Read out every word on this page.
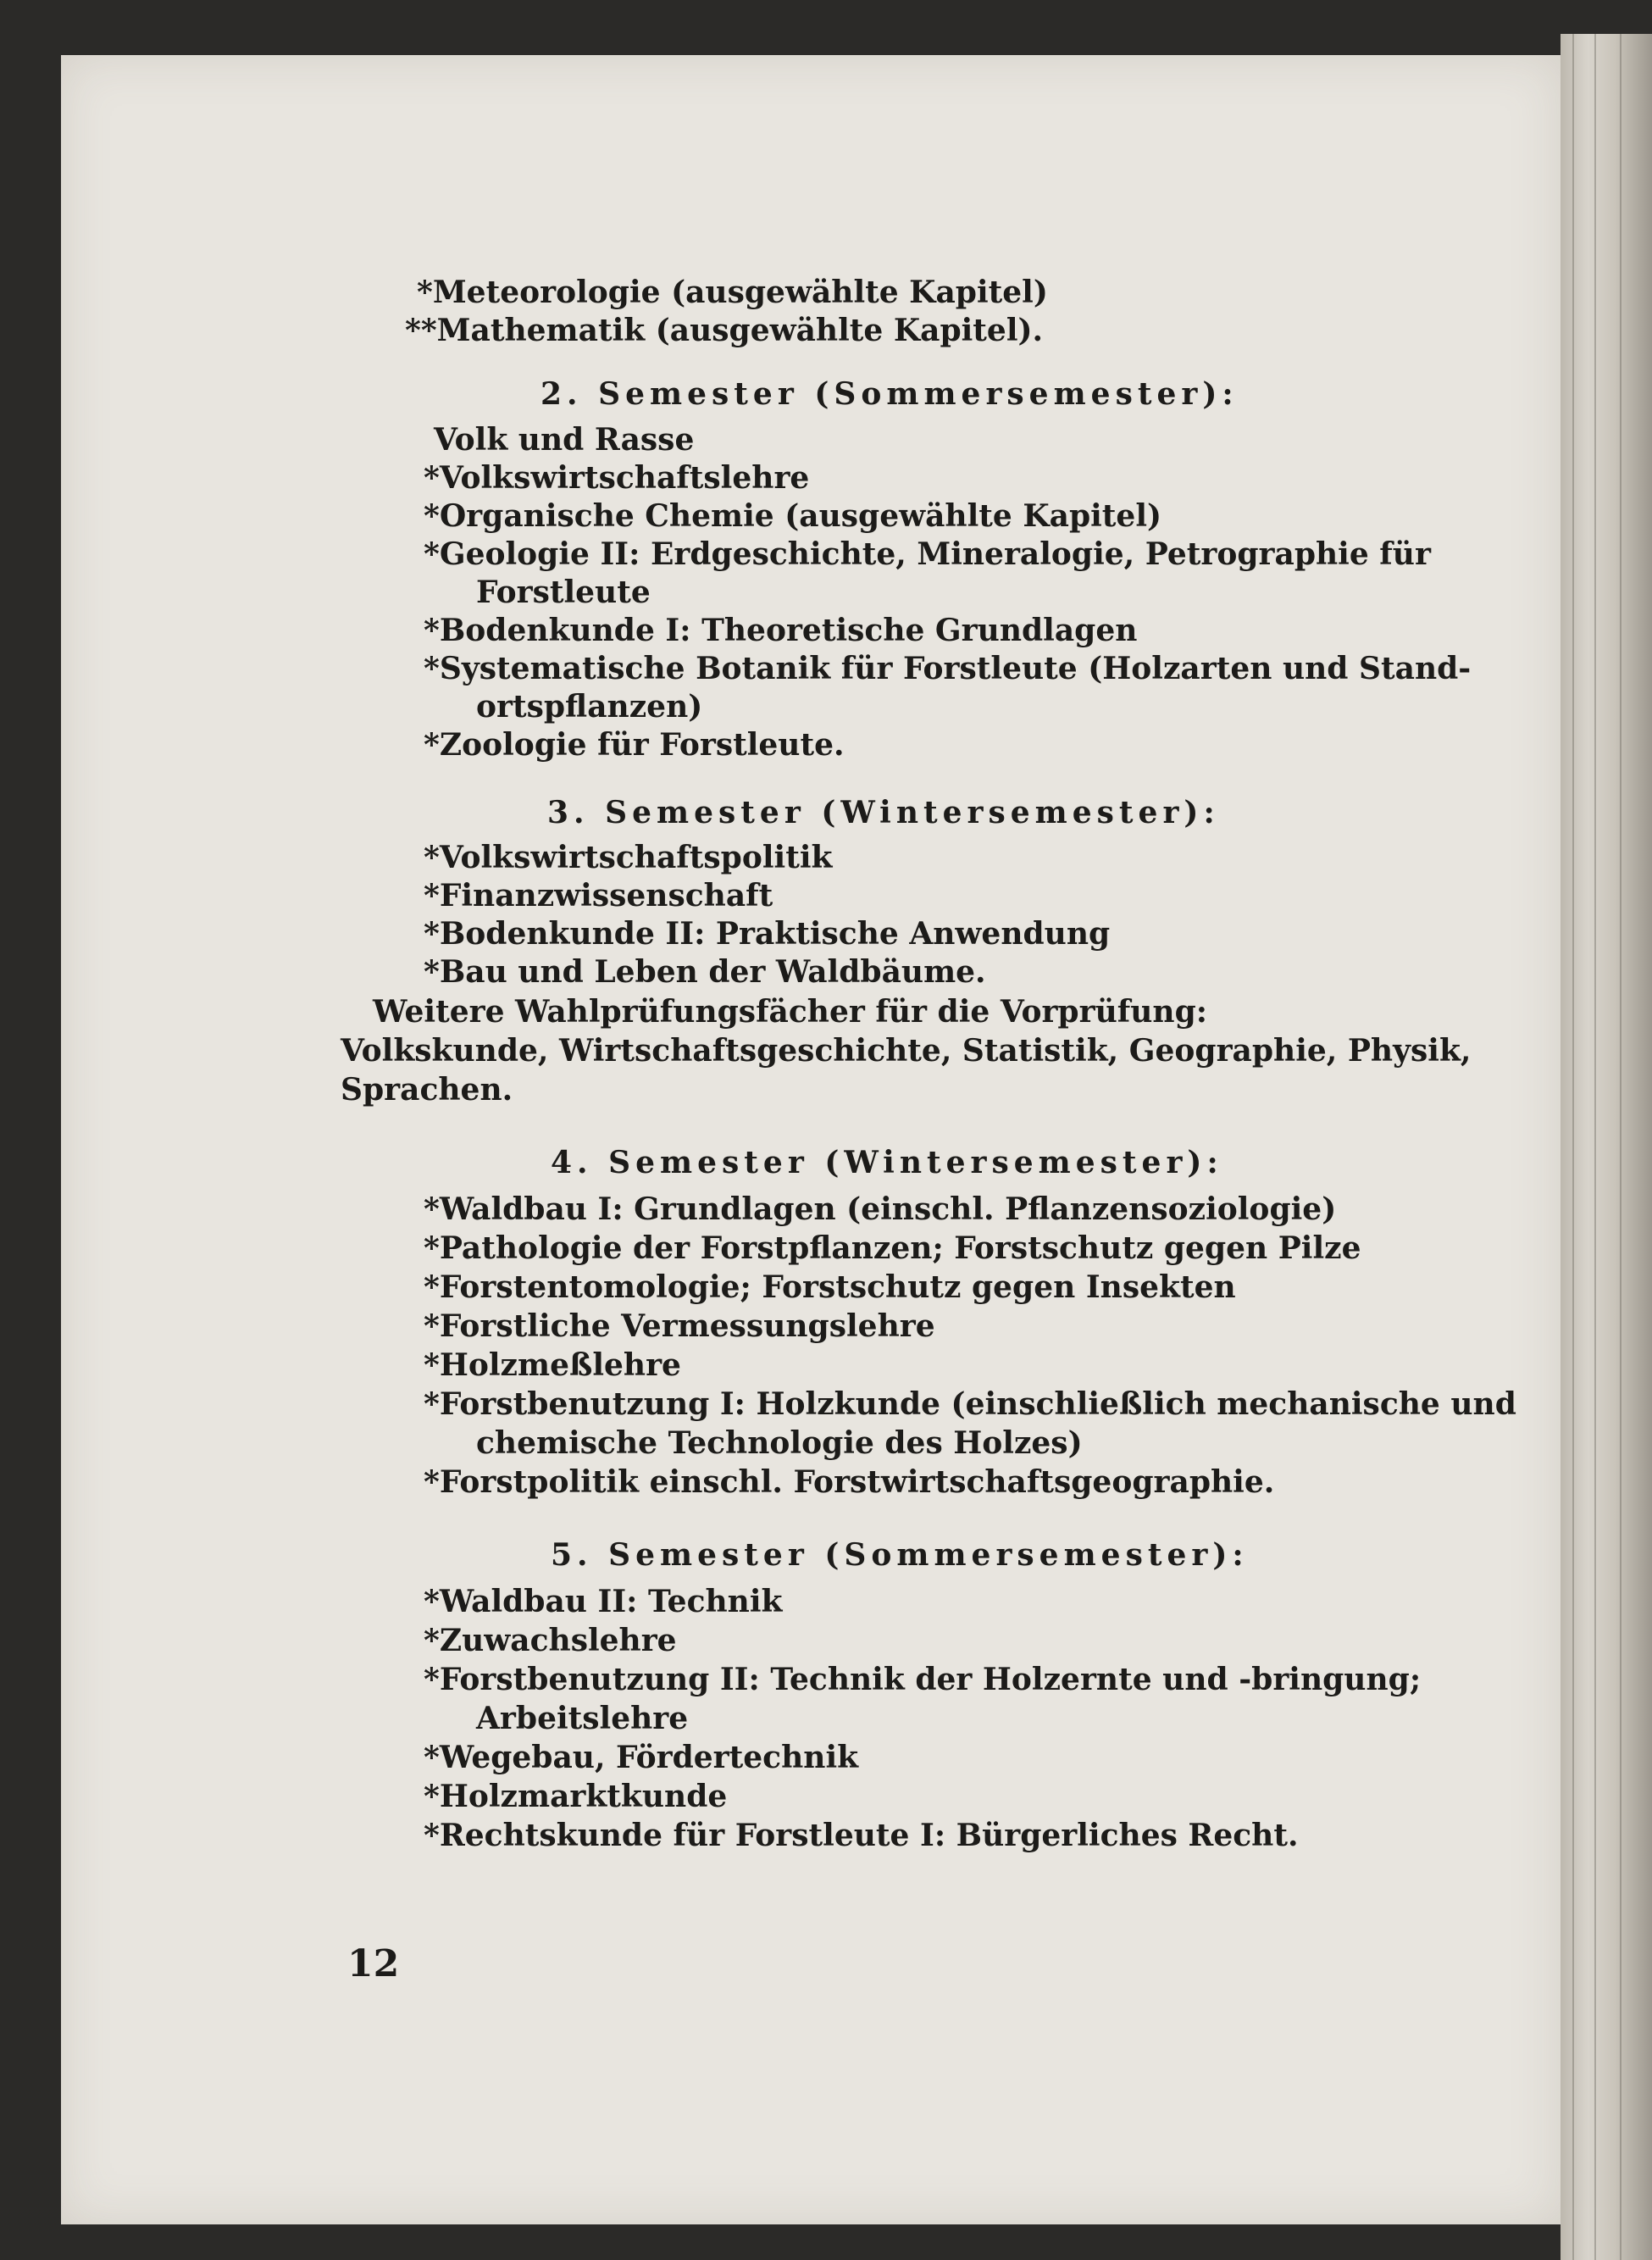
*Meteorologie (ausgewählte Kapitel)
**Mathematik (ausgewählte Kapitel).
2. Semester (Sommersemester):
Volk und Rasse
*Volkswirtschaftslehre
*Organische Chemie (ausgewählte Kapitel)
*Geologie II: Erdgeschichte, Mineralogie, Petrographie für
Forstleute
*Bodenkunde I: Theoretische Grundlagen
*Systematische Botanik für Forstleute (Holzarten und Stand-
ortspflanzen)
*Zoologie für Forstleute.
3. Semester (Wintersemester):
*Volkswirtschaftspolitik
*Finanzwissenschaft
*Bodenkunde II: Praktische Anwendung
*Bau und Leben der Waldbäume.
Weitere Wahlprüfungsfächer für die Vorprüfung:
Volkskunde, Wirtschaftsgeschichte, Statistik, Geographie, Physik,
Sprachen.
4. Semester (Wintersemester):
*Waldbau I: Grundlagen (einschl. Pflanzensoziologie)
*Pathologie der Forstpflanzen; Forstschutz gegen Pilze
*Forstentomologie; Forstschutz gegen Insekten
*Forstliche Vermessungslehre
*Holzmeßlehre
*Forstbenutzung I: Holzkunde (einschließlich mechanische und
chemische Technologie des Holzes)
*Forstpolitik einschl. Forstwirtschaftsgeographie.
5. Semester (Sommersemester):
*Waldbau II: Technik
*Zuwachslehre
*Forstbenutzung II: Technik der Holzernte und -bringung;
Arbeitslehre
*Wegebau, Fördertechnik
*Holzmarktkunde
*Rechtskunde für Forstleute I: Bürgerliches Recht.
12
